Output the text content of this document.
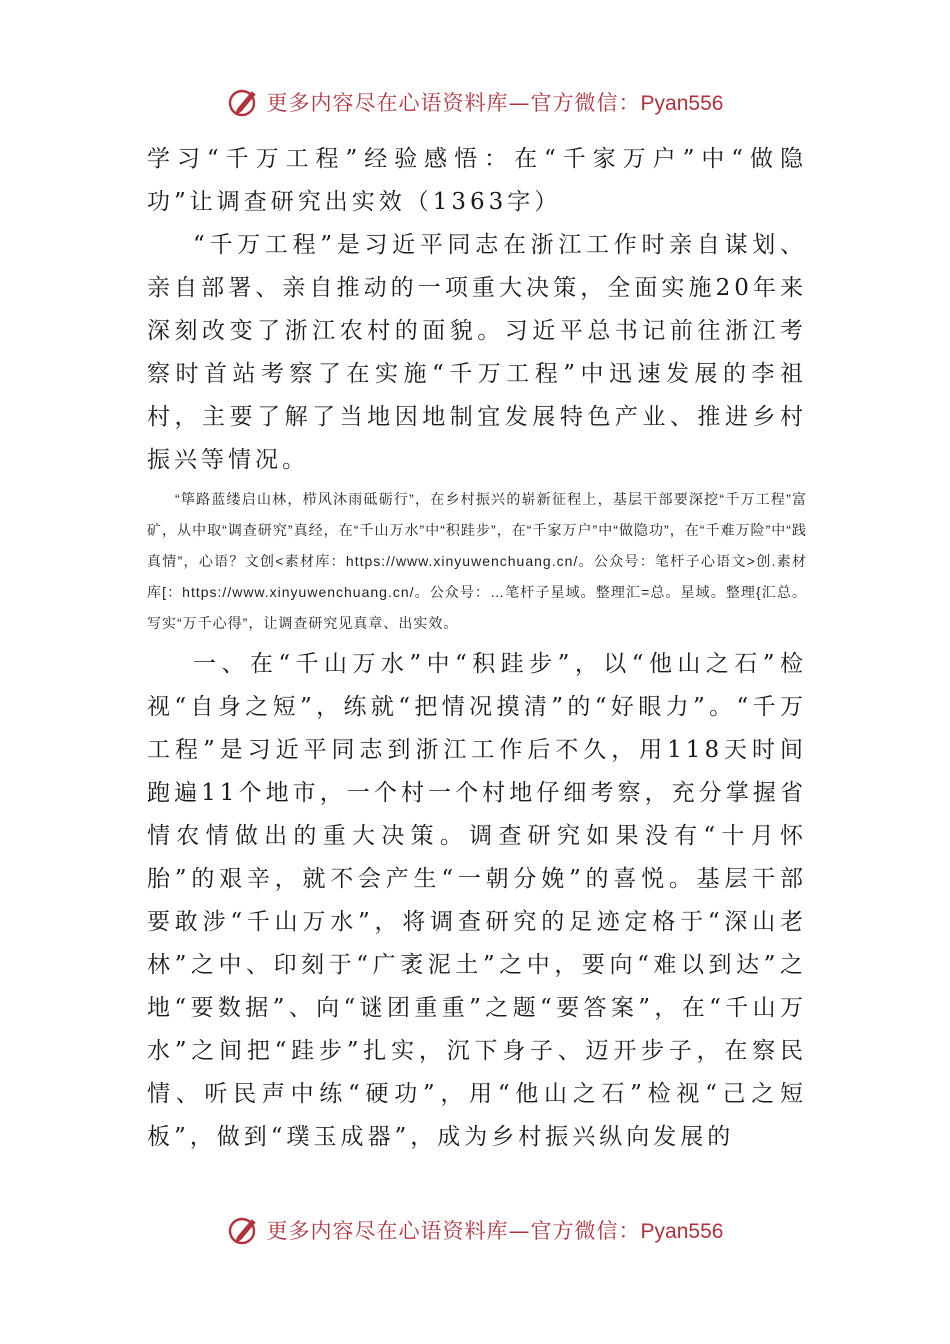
更多内容尽在心语资料库—官方微信：Pyan556

学习“千万工程”经验感悟：在“千家万户”中“做隐功”让调查研究出实效（1363字）

“千万工程”是习近平同志在浙江工作时亲自谋划、亲自部署、亲自推动的一项重大决策，全面实施20年来深刻改变了浙江农村的面貌。习近平总书记前往浙江考察时首站考察了在实施“千万工程”中迅速发展的李祖村，主要了解了当地因地制宜发展特色产业、推进乡村振兴等情况。

“筚路蓝缕启山林，栉风沐雨砥砺行”，在乡村振兴的崭新征程上，基层干部要深挖“千万工程”富矿，从中取“调查研究”真经，在“千山万水”中“积跬步”，在“千家万户”中“做隐功”，在“千难万险”中“践真情”，心语？文创<素材库：https://www.xinyuwenchuang.cn/。公众号：笔杆子心语文>创.素材库[：https://www.xinyuwenchuang.cn/。公众号：…笔杆子星域。整理汇=总。星域。整理{汇总。写实“万千心得”，让调查研究见真章、出实效。

一、在“千山万水”中“积跬步”，以“他山之石”检视“自身之短”，练就“把情况摸清”的“好眼力”。“千万工程”是习近平同志到浙江工作后不久，用118天时间跑遍11个地市，一个村一个村地仔细考察，充分掌握省情农情做出的重大决策。调查研究如果没有“十月怀胎”的艰辛，就不会产生“一朝分娩”的喜悦。基层干部要敢涉“千山万水”，将调查研究的足迹定格于“深山老林”之中、印刻于“广袤泥土”之中，要向“难以到达”之地“要数据”、向“谜团重重”之题“要答案”，在“千山万水”之间把“跬步”扎实，沉下身子、迈开步子，在察民情、听民声中练“硬功”，用“他山之石”检视“己之短板”，做到“璞玉成器”，成为乡村振兴纵向发展的

更多内容尽在心语资料库—官方微信：Pyan556
